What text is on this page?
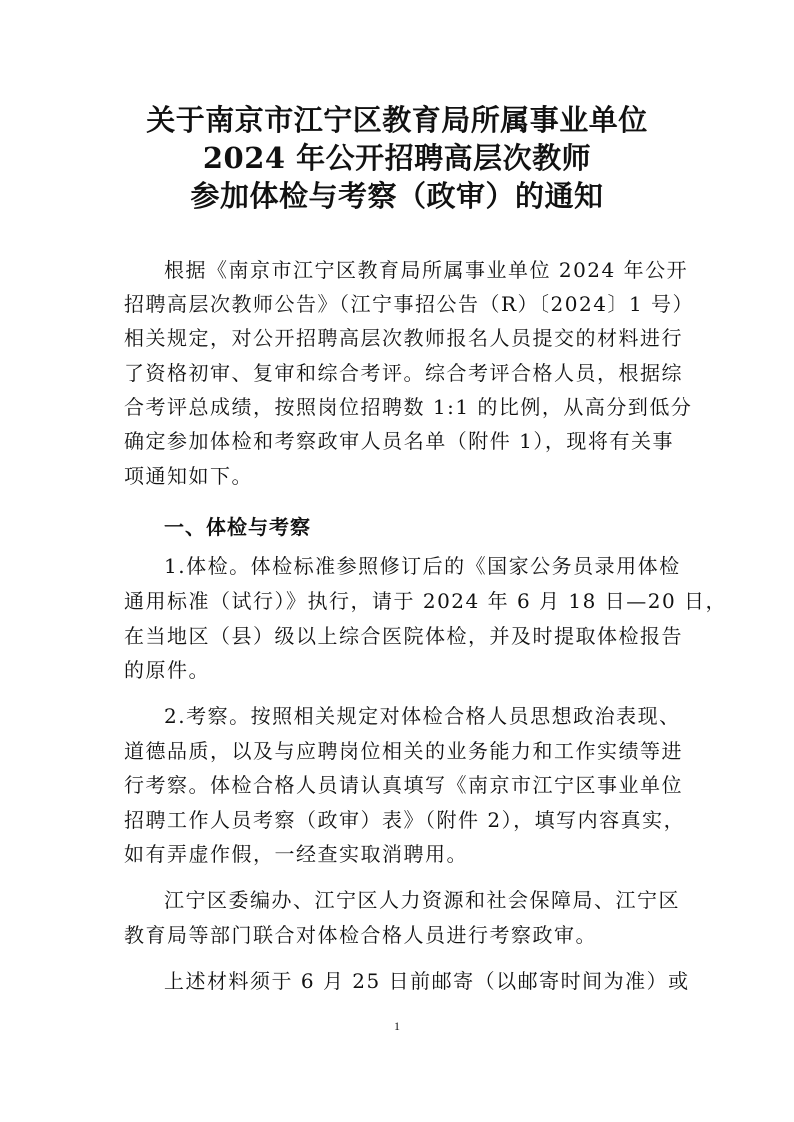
关于南京市江宁区教育局所属事业单位
2024 年公开招聘高层次教师
参加体检与考察（政审）的通知
根据《南京市江宁区教育局所属事业单位 2024 年公开
招聘高层次教师公告》（江宁事招公告（R）〔2024〕1 号）
相关规定，对公开招聘高层次教师报名人员提交的材料进行
了资格初审、复审和综合考评。综合考评合格人员，根据综
合考评总成绩，按照岗位招聘数 1:1 的比例，从高分到低分
确定参加体检和考察政审人员名单（附件 1），现将有关事
项通知如下。
一、体检与考察
1.体检。体检标准参照修订后的《国家公务员录用体检
通用标准（试行）》执行，请于 2024 年 6 月 18 日—20 日，
在当地区（县）级以上综合医院体检，并及时提取体检报告
的原件。
2.考察。按照相关规定对体检合格人员思想政治表现、
道德品质，以及与应聘岗位相关的业务能力和工作实绩等进
行考察。体检合格人员请认真填写《南京市江宁区事业单位
招聘工作人员考察（政审）表》（附件 2），填写内容真实，
如有弄虚作假，一经查实取消聘用。
江宁区委编办、江宁区人力资源和社会保障局、江宁区
教育局等部门联合对体检合格人员进行考察政审。
上述材料须于 6 月 25 日前邮寄（以邮寄时间为准）或
1
